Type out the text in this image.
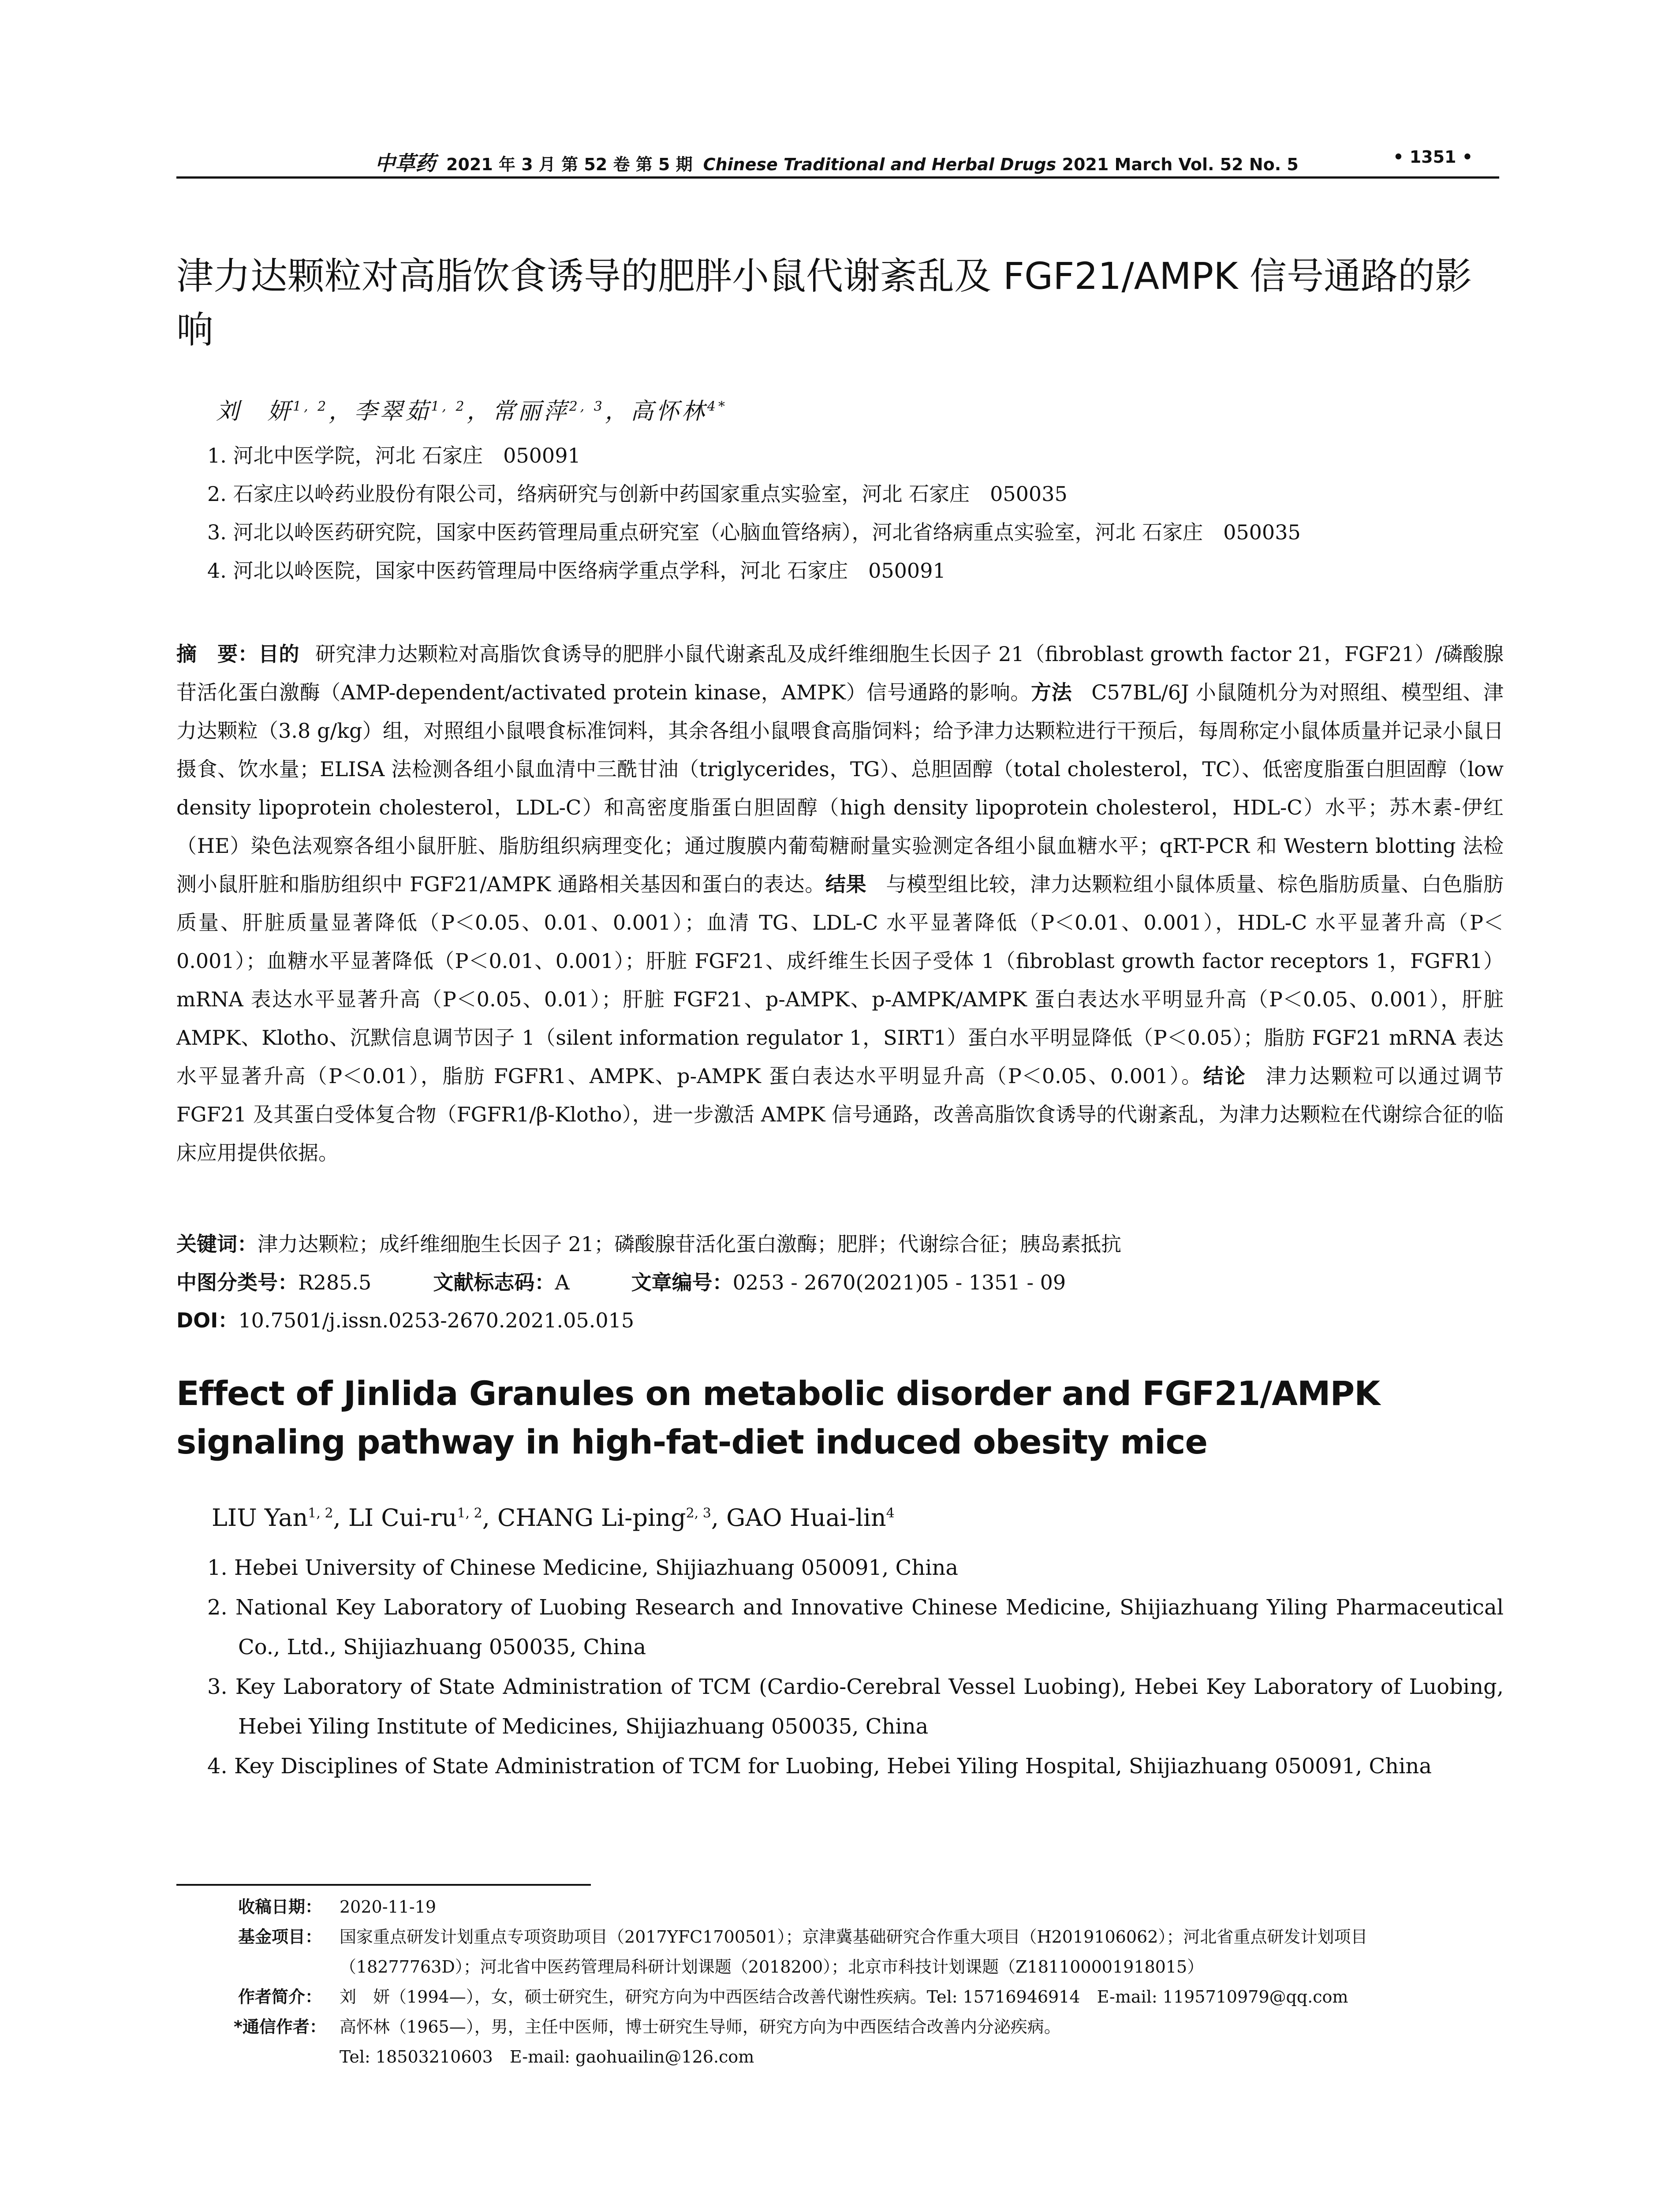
中草药 2021 年 3 月 第 52 卷 第 5 期 Chinese Traditional and Herbal Drugs 2021 March Vol. 52 No. 5	• 1351 •
津力达颗粒对高脂饮食诱导的肥胖小鼠代谢紊乱及 FGF21/AMPK 信号通路的影响

刘　妍$^{1, 2}$，李翠茹$^{1, 2}$，常丽萍$^{2, 3}$，高怀林$^{4*}$

1. 河北中医学院，河北 石家庄　050091
2. 石家庄以岭药业股份有限公司，络病研究与创新中药国家重点实验室，河北 石家庄　050035
3. 河北以岭医药研究院，国家中医药管理局重点研究室（心脑血管络病），河北省络病重点实验室，河北 石家庄　050035
4. 河北以岭医院，国家中医药管理局中医络病学重点学科，河北 石家庄　050091

摘　要：目的 研究津力达颗粒对高脂饮食诱导的肥胖小鼠代谢紊乱及成纤维细胞生长因子 21（fibroblast growth factor 21，FGF21）/磷酸腺苷活化蛋白激酶（AMP-dependent/activated protein kinase，AMPK）信号通路的影响。方法 C57BL/6J 小鼠随机分为对照组、模型组、津力达颗粒（3.8 g/kg）组，对照组小鼠喂食标准饲料，其余各组小鼠喂食高脂饲料；给予津力达颗粒进行干预后，每周称定小鼠体质量并记录小鼠日摄食、饮水量；ELISA 法检测各组小鼠血清中三酰甘油（triglycerides，TG）、总胆固醇（total cholesterol，TC）、低密度脂蛋白胆固醇（low density lipoprotein cholesterol，LDL-C）和高密度脂蛋白胆固醇（high density lipoprotein cholesterol，HDL-C）水平；苏木素-伊红（HE）染色法观察各组小鼠肝脏、脂肪组织病理变化；通过腹膜内葡萄糖耐量实验测定各组小鼠血糖水平；qRT-PCR 和 Western blotting 法检测小鼠肝脏和脂肪组织中 FGF21/AMPK 通路相关基因和蛋白的表达。结果 与模型组比较，津力达颗粒组小鼠体质量、棕色脂肪质量、白色脂肪质量、肝脏质量显著降低（P＜0.05、0.01、0.001）；血清 TG、LDL-C 水平显著降低（P＜0.01、0.001），HDL-C 水平显著升高（P＜0.001）；血糖水平显著降低（P＜0.01、0.001）；肝脏 FGF21、成纤维生长因子受体 1（fibroblast growth factor receptors 1，FGFR1）mRNA 表达水平显著升高（P＜0.05、0.01）；肝脏 FGF21、p-AMPK、p-AMPK/AMPK 蛋白表达水平明显升高（P＜0.05、0.001），肝脏 AMPK、Klotho、沉默信息调节因子 1（silent information regulator 1，SIRT1）蛋白水平明显降低（P＜0.05）；脂肪 FGF21 mRNA 表达水平显著升高（P＜0.01），脂肪 FGFR1、AMPK、p-AMPK 蛋白表达水平明显升高（P＜0.05、0.001）。结论 津力达颗粒可以通过调节 FGF21 及其蛋白受体复合物（FGFR1/β-Klotho），进一步激活 AMPK 信号通路，改善高脂饮食诱导的代谢紊乱，为津力达颗粒在代谢综合征的临床应用提供依据。

关键词：津力达颗粒；成纤维细胞生长因子 21；磷酸腺苷活化蛋白激酶；肥胖；代谢综合征；胰岛素抵抗

中图分类号：R285.5	文献标志码：A	文章编号：0253 - 2670(2021)05 - 1351 - 09

DOI：10.7501/j.issn.0253-2670.2021.05.015

Effect of Jinlida Granules on metabolic disorder and FGF21/AMPK signaling pathway in high-fat-diet induced obesity mice

LIU Yan$^{1, 2}$, LI Cui-ru$^{1, 2}$, CHANG Li-ping$^{2, 3}$, GAO Huai-lin$^4$

1. Hebei University of Chinese Medicine, Shijiazhuang 050091, China
2. National Key Laboratory of Luobing Research and Innovative Chinese Medicine, Shijiazhuang Yiling Pharmaceutical Co., Ltd., Shijiazhuang 050035, China
3. Key Laboratory of State Administration of TCM (Cardio-Cerebral Vessel Luobing), Hebei Key Laboratory of Luobing, Hebei Yiling Institute of Medicines, Shijiazhuang 050035, China
4. Key Disciplines of State Administration of TCM for Luobing, Hebei Yiling Hospital, Shijiazhuang 050091, China
收稿日期： 2020-11-19
基金项目： 国家重点研发计划重点专项资助项目（2017YFC1700501）；京津冀基础研究合作重大项目（H2019106062）；河北省重点研发计划项目（18277763D）；河北省中医药管理局科研计划课题（2018200）；北京市科技计划课题（Z181100001918015）
作者简介： 刘　妍（1994—），女，硕士研究生，研究方向为中西医结合改善代谢性疾病。Tel: 15716946914　E-mail: 1195710979@qq.com
*通信作者： 高怀林（1965—），男，主任中医师，博士研究生导师，研究方向为中西医结合改善内分泌疾病。
Tel: 18503210603　E-mail: gaohuailin@126.com
